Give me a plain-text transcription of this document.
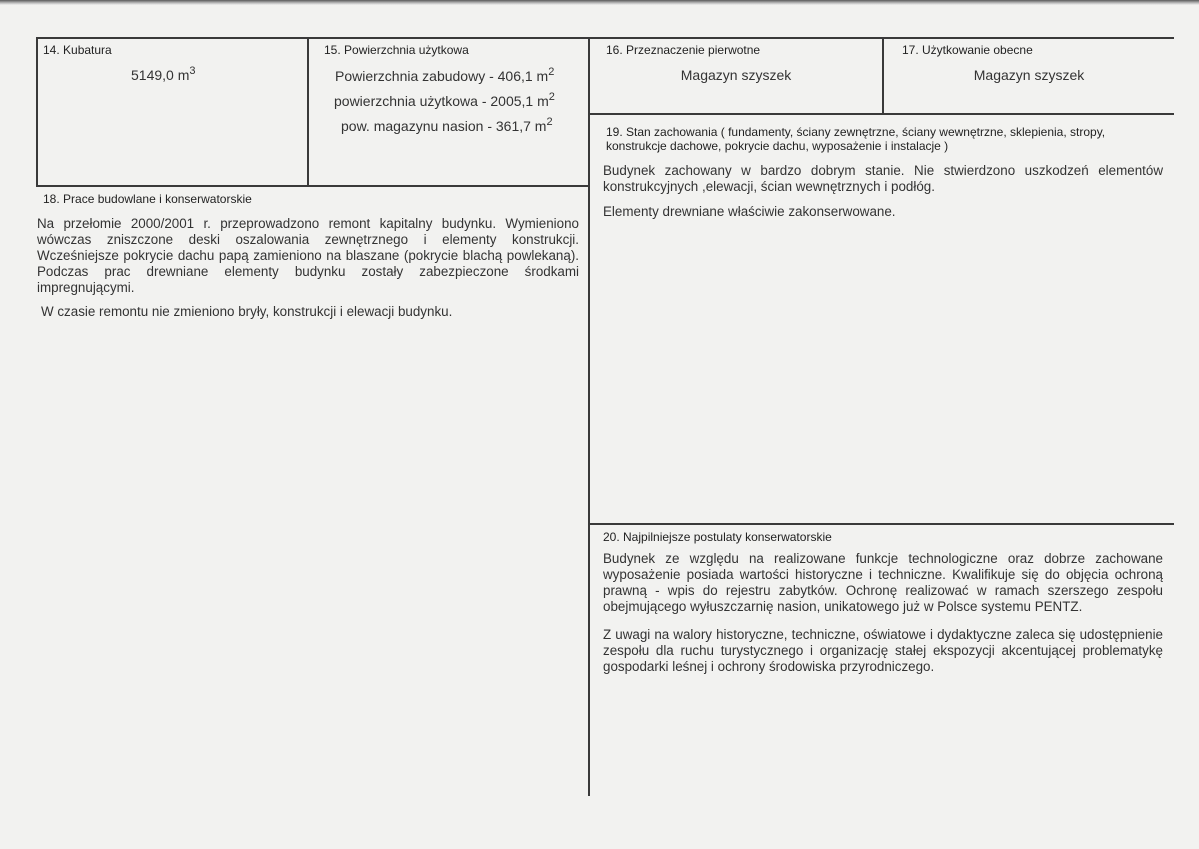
14. Kubatura
5149,0 $m^3$
15. Powierzchnia użytkowa
Powierzchnia zabudowy - 406,1 $m^2$
powierzchnia użytkowa - 2005,1 $m^2$
pow. magazynu nasion - 361,7 $m^2$
16. Przeznaczenie pierwotne
Magazyn szyszek
17. Użytkowanie obecne
Magazyn szyszek
18. Prace budowlane i konserwatorskie

Na przełomie 2000/2001 r. przeprowadzono remont kapitalny budynku. Wymieniono wówczas zniszczone deski oszalowania zewnętrznego i elementy konstrukcji. Wcześniejsze pokrycie dachu papą zamieniono na blaszane (pokrycie blachą powlekaną). Podczas prac drewniane elementy budynku zostały zabezpieczone środkami impregnującymi.

W czasie remontu nie zmieniono bryły, konstrukcji i elewacji budynku.

19. Stan zachowania ( fundamenty, ściany zewnętrzne, ściany wewnętrzne, sklepienia, stropy, konstrukcje dachowe, pokrycie dachu, wyposażenie i instalacje )

Budynek zachowany w bardzo dobrym stanie. Nie stwierdzono uszkodzeń elementów konstrukcyjnych ,elewacji, ścian wewnętrznych i podłóg.

Elementy drewniane właściwie zakonserwowane.

20. Najpilniejsze postulaty konserwatorskie

Budynek ze względu na realizowane funkcje technologiczne oraz dobrze zachowane wyposażenie posiada wartości historyczne i techniczne. Kwalifikuje się do objęcia ochroną prawną - wpis do rejestru zabytków. Ochronę realizować w ramach szerszego zespołu obejmującego wyłuszczarnię nasion, unikatowego już w Polsce systemu PENTZ.

Z uwagi na walory historyczne, techniczne, oświatowe i dydaktyczne zaleca się udostępnienie zespołu dla ruchu turystycznego i organizację stałej ekspozycji akcentującej problematykę gospodarki leśnej i ochrony środowiska przyrodniczego.
